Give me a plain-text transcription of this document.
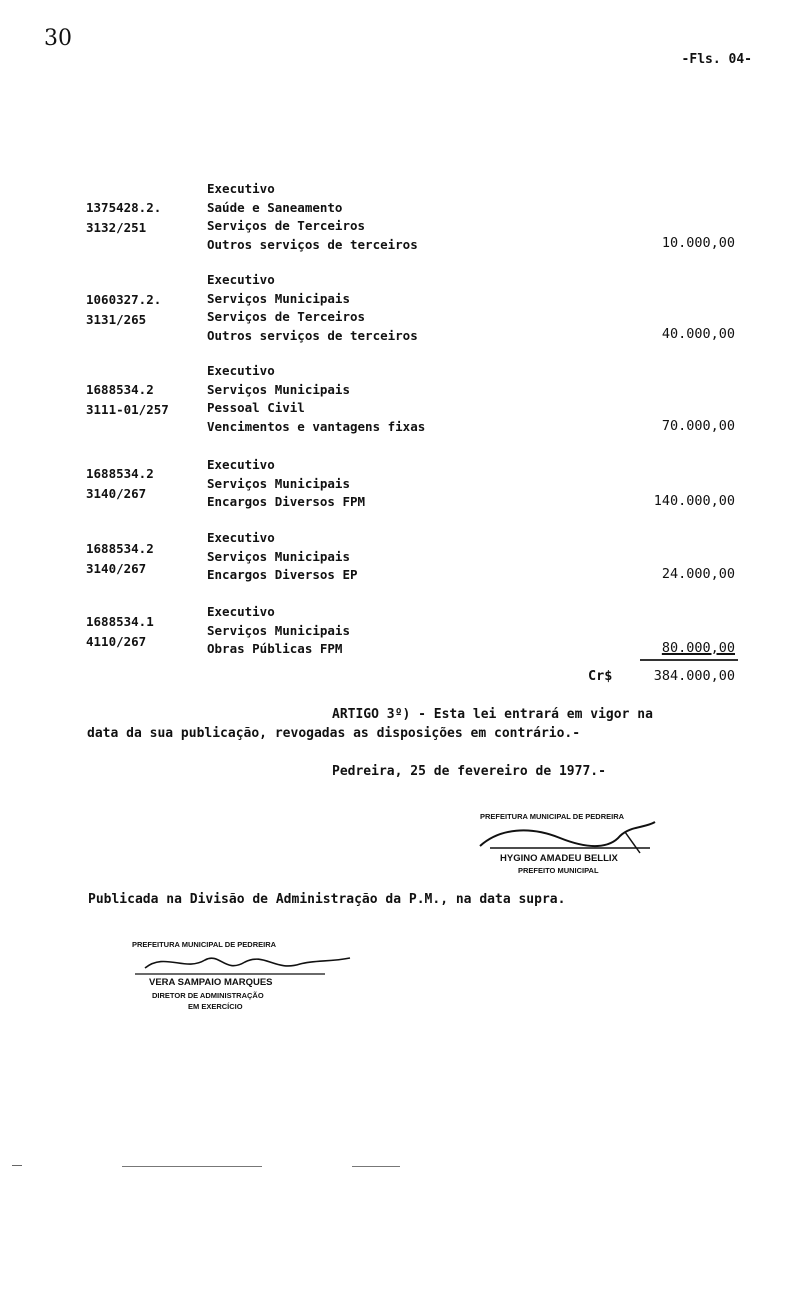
30
-Fls. 04-
1375428.2.
3132/251
Executivo
Saúde e Saneamento
Serviços de Terceiros
Outros serviços de terceiros	10.000,00
1060327.2.
3131/265
Executivo
Serviços Municipais
Serviços de Terceiros
Outros serviços de terceiros	40.000,00
1688534.2
3111-01/257
Executivo
Serviços Municipais
Pessoal Civil
Vencimentos e vantagens fixas	70.000,00
1688534.2
3140/267
Executivo
Serviços Municipais
Encargos Diversos FPM	140.000,00
1688534.2
3140/267
Executivo
Serviços Municipais
Encargos Diversos EP	24.000,00
1688534.1
4110/267
Executivo
Serviços Municipais
Obras Públicas FPM	80.000,00
Cr$	384.000,00
ARTIGO 3º) - Esta lei entrará em vigor na
data da sua publicação, revogadas as disposições em contrário.-
Pedreira, 25 de fevereiro de 1977.-
PREFEITURA MUNICIPAL DE PEDREIRA
HYGINO AMADEU BELLIX
PREFEITO MUNICIPAL
Publicada na Divisão de Administração da P.M., na data supra.
PREFEITURA MUNICIPAL DE PEDREIRA
VERA SAMPAIO MARQUES
DIRETOR DE ADMINISTRAÇÃO
EM EXERCÍCIO
